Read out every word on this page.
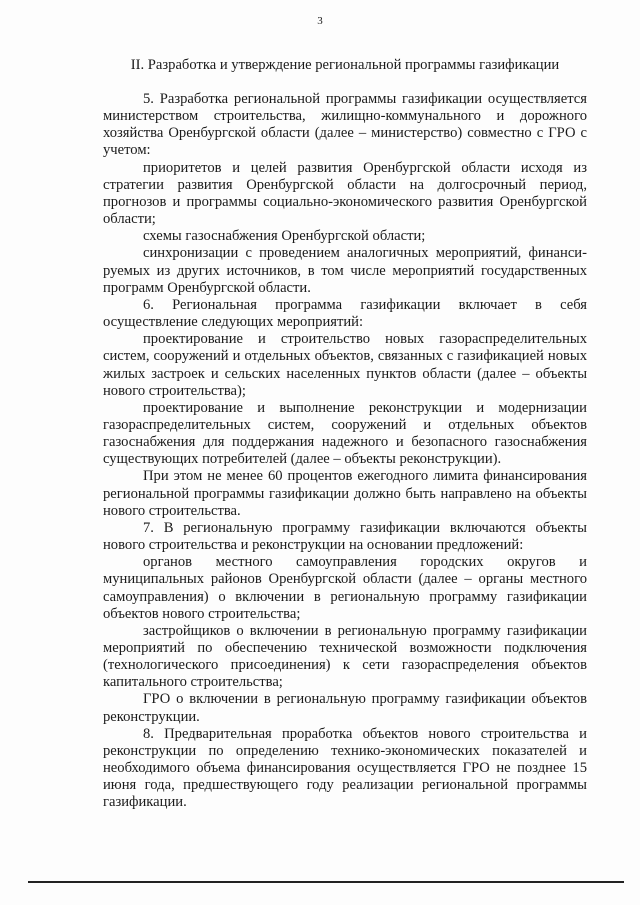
3
II. Разработка и утверждение региональной программы газификации

5. Разработка региональной программы газификации осуществляется министерством строительства, жилищно-коммунального и дорожного хозяйства Оренбургской области (далее – министерство) совместно с ГРО с учетом:

приоритетов и целей развития Оренбургской области исходя из стратегии развития Оренбургской области на долгосрочный период, прогнозов и программы социально-экономического развития Оренбургской области;

схемы газоснабжения Оренбургской области;

синхронизации с проведением аналогичных мероприятий, финансируемых из других источников, в том числе мероприятий государственных программ Оренбургской области.

6. Региональная программа газификации включает в себя осуществление следующих мероприятий:

проектирование и строительство новых газораспределительных систем, сооружений и отдельных объектов, связанных с газификацией новых жилых застроек и сельских населенных пунктов области (далее – объекты нового строительства);

проектирование и выполнение реконструкции и модернизации газораспределительных систем, сооружений и отдельных объектов газоснабжения для поддержания надежного и безопасного газоснабжения существующих потребителей (далее – объекты реконструкции).

При этом не менее 60 процентов ежегодного лимита финансирования региональной программы газификации должно быть направлено на объекты нового строительства.

7. В региональную программу газификации включаются объекты нового строительства и реконструкции на основании предложений:

органов местного самоуправления городских округов и муниципальных районов Оренбургской области (далее – органы местного самоуправления) о включении в региональную программу газификации объектов нового строительства;

застройщиков о включении в региональную программу газификации мероприятий по обеспечению технической возможности подключения (технологического присоединения) к сети газораспределения объектов капитального строительства;

ГРО о включении в региональную программу газификации объектов реконструкции.

8. Предварительная проработка объектов нового строительства и реконструкции по определению технико-экономических показателей и необходимого объема финансирования осуществляется ГРО не позднее 15 июня года, предшествующего году реализации региональной программы газификации.
